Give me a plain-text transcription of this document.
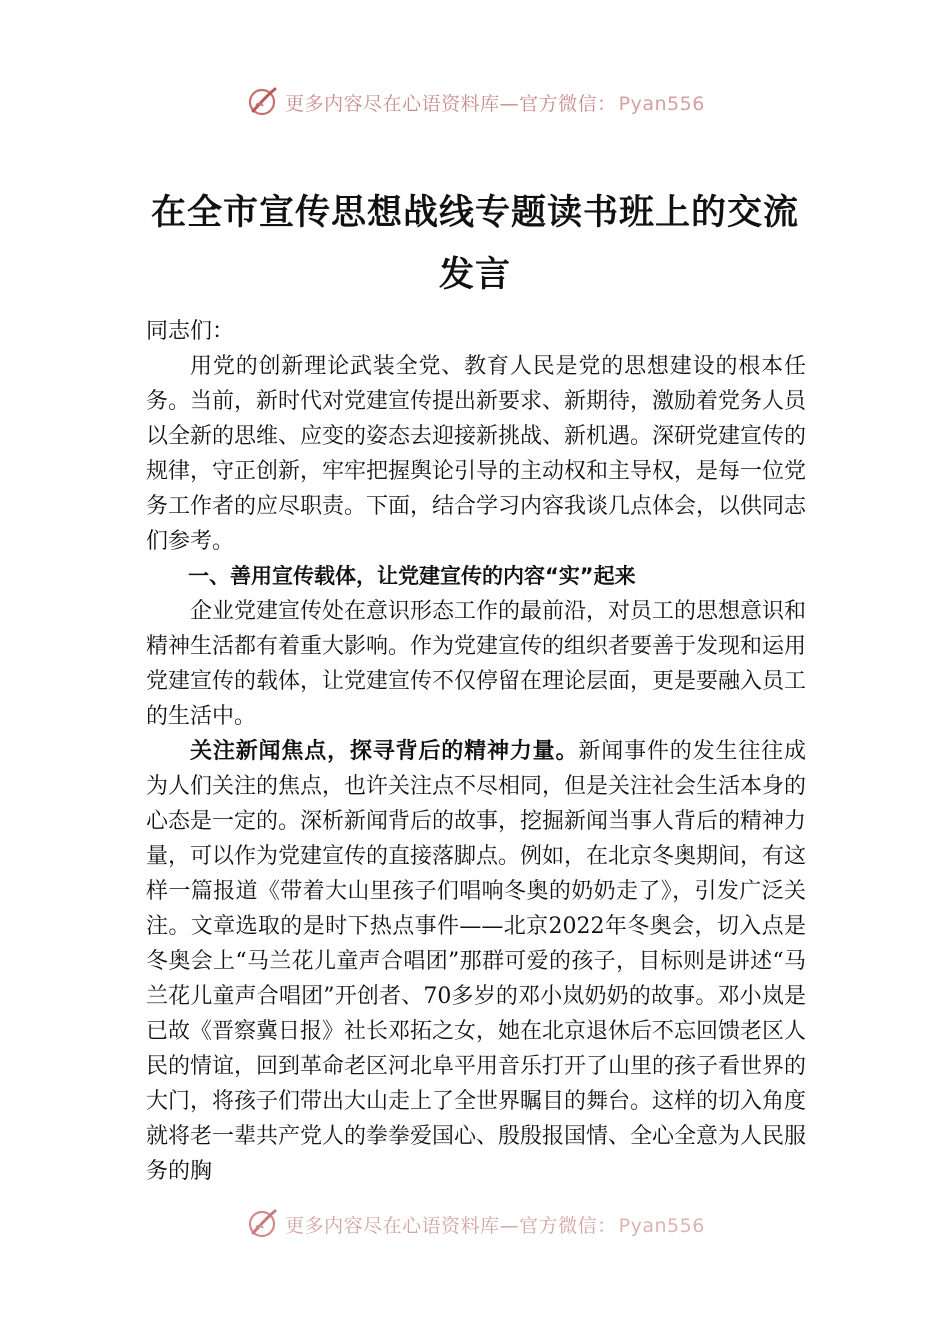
更多内容尽在心语资料库—官方微信： Pyan556
在全市宣传思想战线专题读书班上的交流发言

同志们：

用党的创新理论武装全党、教育人民是党的思想建设的根本任务。当前，新时代对党建宣传提出新要求、新期待，激励着党务人员以全新的思维、应变的姿态去迎接新挑战、新机遇。深研党建宣传的规律，守正创新，牢牢把握舆论引导的主动权和主导权，是每一位党务工作者的应尽职责。下面，结合学习内容我谈几点体会，以供同志们参考。

一、善用宣传载体，让党建宣传的内容“实”起来

企业党建宣传处在意识形态工作的最前沿，对员工的思想意识和精神生活都有着重大影响。作为党建宣传的组织者要善于发现和运用党建宣传的载体，让党建宣传不仅停留在理论层面，更是要融入员工的生活中。

关注新闻焦点，探寻背后的精神力量。新闻事件的发生往往成为人们关注的焦点，也许关注点不尽相同，但是关注社会生活本身的心态是一定的。深析新闻背后的故事，挖掘新闻当事人背后的精神力量，可以作为党建宣传的直接落脚点。例如，在北京冬奥期间，有这样一篇报道《带着大山里孩子们唱响冬奥的奶奶走了》，引发广泛关注。文章选取的是时下热点事件——北京2022年冬奥会，切入点是冬奥会上“马兰花儿童声合唱团”那群可爱的孩子，目标则是讲述“马兰花儿童声合唱团”开创者、70多岁的邓小岚奶奶的故事。邓小岚是已故《晋察冀日报》社长邓拓之女，她在北京退休后不忘回馈老区人民的情谊，回到革命老区河北阜平用音乐打开了山里的孩子看世界的大门，将孩子们带出大山走上了全世界瞩目的舞台。这样的切入角度就将老一辈共产党人的拳拳爱国心、殷殷报国情、全心全意为人民服务的胸

更多内容尽在心语资料库—官方微信： Pyan556
